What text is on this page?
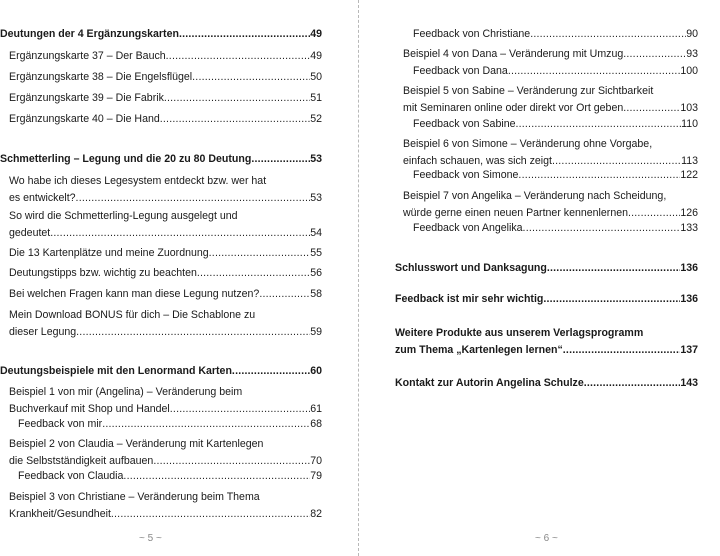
Deutungen der 4 Ergänzungskarten .....	49
Ergänzungskarte 37 – Der Bauch .....	49
Ergänzungskarte 38 – Die Engelsflügel .....	50
Ergänzungskarte 39 – Die Fabrik .....	51
Ergänzungskarte 40 – Die Hand .....	52
Schmetterling – Legung und die 20 zu 80 Deutung .....	53
Wo habe ich dieses Legesystem entdeckt bzw. wer hat
es entwickelt? .....	53
So wird die Schmetterling-Legung ausgelegt und
gedeutet .....	54
Die 13 Kartenplätze und meine Zuordnung .....	55
Deutungstipps bzw. wichtig zu beachten .....	56
Bei welchen Fragen kann man diese Legung nutzen? .....	58
Mein Download BONUS für dich – Die Schablone zu
dieser Legung .....	59
Deutungsbeispiele mit den Lenormand Karten .....	60
Beispiel 1 von mir (Angelina) – Veränderung beim
Buchverkauf mit Shop und Handel .....	61
Feedback von mir .....	68
Beispiel 2 von Claudia – Veränderung mit Kartenlegen
die Selbstständigkeit aufbauen .....	70
Feedback von Claudia .....	79
Beispiel 3 von Christiane – Veränderung beim Thema
Krankheit/Gesundheit .....	82
~ 5 ~
Feedback von Christiane .....	90
Beispiel 4 von Dana – Veränderung mit Umzug .....	93
Feedback von Dana .....	100
Beispiel 5 von Sabine – Veränderung zur Sichtbarkeit
mit Seminaren online oder direkt vor Ort geben .....	103
Feedback von Sabine .....	110
Beispiel 6 von Simone – Veränderung ohne Vorgabe,
einfach schauen, was sich zeigt .....	113
Feedback von Simone .....	122
Beispiel 7 von Angelika – Veränderung nach Scheidung,
würde gerne einen neuen Partner kennenlernen .....	126
Feedback von Angelika .....	133
Schlusswort und Danksagung .....	136
Feedback ist mir sehr wichtig .....	136
Weitere Produkte aus unserem Verlagsprogramm
zum Thema „Kartenlegen lernen“ .....	137
Kontakt zur Autorin Angelina Schulze .....	143
~ 6 ~
